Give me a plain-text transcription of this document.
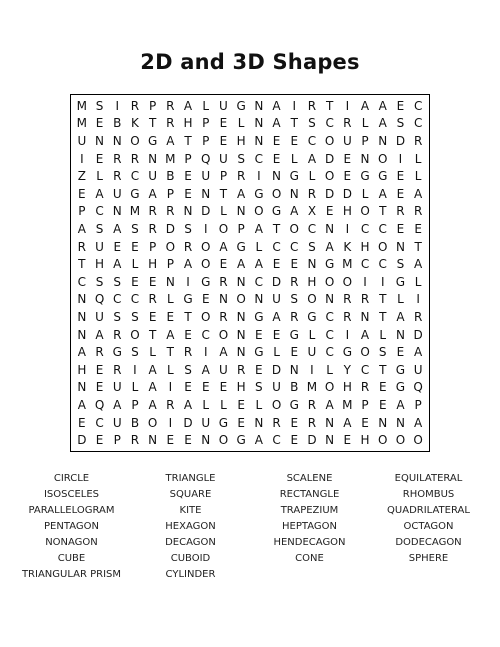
2D and 3D Shapes
M S	I R P R A L U G N A I R T	I A A E C
M E B K T R H P E L N A T S C R L A S C
U N N O G A T P E H N E E C O U P N D R
I	E R R N M P Q U S C E L A D E N O I	L
Z L R C U B E U P R I N G L O E G G E L
E A U G A P E N T A G O N R D D L A E A
P C N M R R N D L N O G A X E H O T R R
A S A S R D S	I O P A T O C N I C C E E
R U E E P O R O A G L C C S A K H O N T
T H A L H P A O E A A E E N G M C C S A
C S S E E N I G R N C D R H O O I	I G L
N Q C C R L G E N O N U S O N R R T L	I
N U S S E E T O R N G A R G C R N T A R
N A R O T A E C O N E E G L C I A L N D
A R G S L T R I A N G L E U C G O S E A
H E R I A L S A U R E D N I	L Y C T G U
N E U L A I	E E E H S U B M O H R E G Q
A Q A P A R A L L E L O G R A M P E A P
E C U B O I D U G E N R E R N A E N N A
D E P R N E E N O G A C E D N E H O O O
CIRCLE	TRIANGLE	SCALENE	EQUILATERAL
ISOSCELES	SQUARE	RECTANGLE	RHOMBUS
PARALLELOGRAM	KITE	TRAPEZIUM	QUADRILATERAL
PENTAGON	HEXAGON	HEPTAGON	OCTAGON
NONAGON	DECAGON	HENDECAGON	DODECAGON
CUBE	CUBOID	CONE	SPHERE
TRIANGULAR PRISM	CYLINDER
